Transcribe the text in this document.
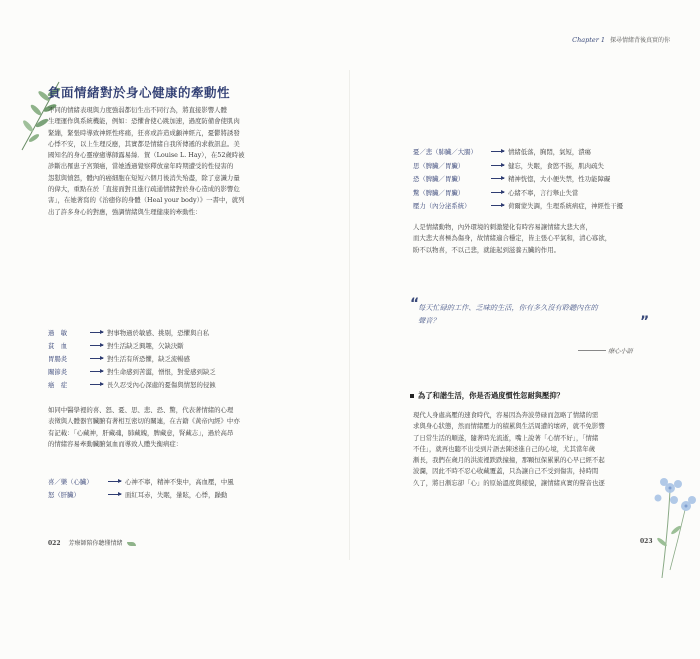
Chapter 1 探尋情緒背後真實的你
負面情緒對於身心健康的牽動性
不同的情緒表現與力度強弱都衍生出不同行為，將直接影響人體
生理運作與系統機能，例如：恐懼會使心跳加速，過度防備會使肌肉
緊繃，緊張時導致神經性疼痛，狂喜或許造成顱神經亢，憂鬱將誘發
心悸不安，以上生理反應，其實都是情緒自我所傳遞的求救訊息。美
國知名的身心靈療癒導師露易絲．賀（Louise L. Hay），在52歲時被
診斷出罹患子宮頸癌，當她透過覺察釋放童年時期遭受的性侵害的
怨懟與憤怒，體內的癌細胞在短短六個月後消失殆盡，除了意識力量
的偉大，重點在於「直接面對且進行疏通情緒對於身心造成的影響危
害」，在她著寫的《治癒你的身體（Heal your body）》一書中，就列
出了許多身心的對應，強調情緒與生理健康的牽動性：
過　敏	對事物過於敏感、挑剔，恐懼與自私
貧　血	對生活缺乏興趣，欠缺決斷
胃腸炎	對生活有所恐懼，缺乏流暢感
關節炎	對生命感到苦澀，憎恨，對愛感到缺乏
癌　症	長久忍受內心深處的憂傷與情怒的侵蝕
如同中醫學裡的喜、怒、憂、思、悲、恐、驚，代表著情緒的心理
表徵與人體器官臟腑有著相互密切的關連，在古籍《黃帝內經》中亦
有記載：「心藏神，肝藏魂，肺藏魄，脾藏意，腎藏志」，過於高昂
的情緒容易牽動臟腑氣血而導致人體失衡病症：
喜／樂（心臟）	心神不寧，精神不集中，高血壓，中風
怒（肝臟）	面紅耳赤，失眠，暈眩，心悸，躁動
022 芳療師陪你聽懂情緒
憂／悲（肺臟／大腸）	情緒低落，胸悶，氣短，潰瘍
思（脾臟／胃臟）	健忘，失眠，食慾不振，肌肉疏失
恐（脾臟／胃臟）	精神恍惚，大小便失禁，性功能障礙
驚（脾臟／胃臟）	心緒不寧，言行舉止失當
壓力（內分泌系統）	荷爾蒙失調，生理系統病症，神經性干擾
人是情緒動物，內外環境的刺激變化有時容易讓情緒大悲大喜，
而大悲大喜極為傷身，故情緒適合穩定，皆主張心平氣和，清心寡欲，
盼不以物喜，不以己悲，就能起到滋養五臟的作用。
“
每天忙碌的工作、乏味的生活，你有多久沒有聆聽內在的
聲音？	”
療心小語
為了和諧生活，你是否過度慣性忽耐與壓抑？
現代人身處高壓的速食時代，容易因為奔波勞碌而忽略了情緒的需
求與身心狀態，然而情緒壓力的積累與生活周遭的壞碎，就不免影響
了日常生活的順遂，隨著時光流逝，嘴上說著「心情不好」，「情緒
不佳」，就再也聽不出受到片語去陳述進自己的心境，尤其當年歲
漸長，我們在歲月的洪流裡跌跌撞撞，那顆恒保累累的心早已經不起
波瀾，因此不時不忍心收藏覆蓋，只為讓自己不受到傷害，持時間
久了，將日漸忘卻「心」的原始溫度與樣貌，讓情緒真實的聲音也逐
023
